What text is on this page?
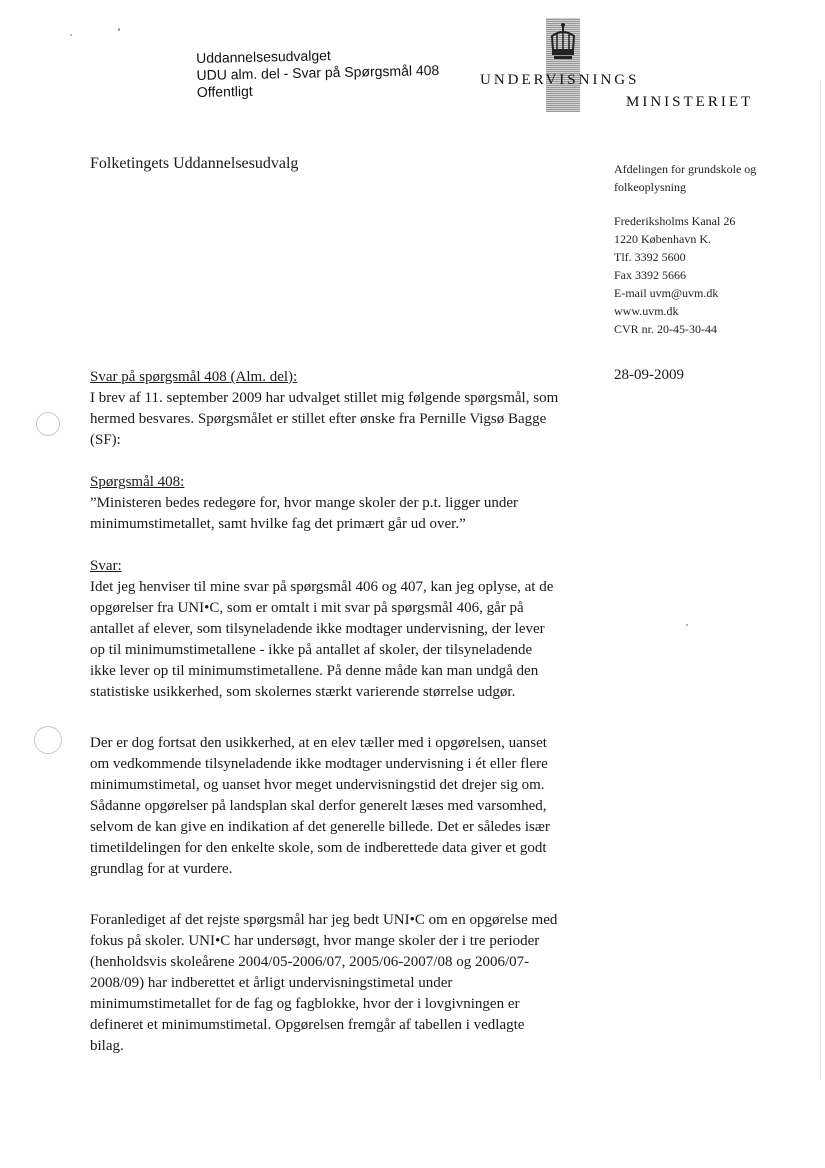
Uddannelsesudvalget
UDU alm. del - Svar på Spørgsmål 408
Offentligt
UNDERVISNINGS
MINISTERIET
Folketingets Uddannelsesudvalg	Afdelingen for grundskole og
folkeoplysning
Frederiksholms Kanal 26
1220 København K.
Tlf. 3392 5600
Fax 3392 5666
E-mail uvm@uvm.dk
www.uvm.dk
CVR nr. 20-45-30-44
28-09-2009

Svar på spørgsmål 408 (Alm. del):

I brev af 11. september 2009 har udvalget stillet mig følgende spørgsmål, som hermed besvares. Spørgsmålet er stillet efter ønske fra Pernille Vigsø Bagge (SF):

Spørgsmål 408:

”Ministeren bedes redegøre for, hvor mange skoler der p.t. ligger under minimumstimetallet, samt hvilke fag det primært går ud over.”

Svar:

Idet jeg henviser til mine svar på spørgsmål 406 og 407, kan jeg oplyse, at de opgørelser fra UNI•C, som er omtalt i mit svar på spørgsmål 406, går på antallet af elever, som tilsyneladende ikke modtager undervisning, der lever op til minimumstimetallene - ikke på antallet af skoler, der tilsyneladende ikke lever op til minimumstimetallene. På denne måde kan man undgå den statistiske usikkerhed, som skolernes stærkt varierende størrelse udgør.

Der er dog fortsat den usikkerhed, at en elev tæller med i opgørelsen, uanset om vedkommende tilsyneladende ikke modtager undervisning i ét eller flere minimumstimetal, og uanset hvor meget undervisningstid det drejer sig om. Sådanne opgørelser på landsplan skal derfor generelt læses med varsomhed, selvom de kan give en indikation af det generelle billede. Det er således især timetildelingen for den enkelte skole, som de indberettede data giver et godt grundlag for at vurdere.

Foranlediget af det rejste spørgsmål har jeg bedt UNI•C om en opgørelse med fokus på skoler. UNI•C har undersøgt, hvor mange skoler der i tre perioder (henholdsvis skoleårene 2004/05-2006/07, 2005/06-2007/08 og 2006/07-2008/09) har indberettet et årligt undervisningstimetal under minimumstimetallet for de fag og fagblokke, hvor der i lovgivningen er defineret et minimumstimetal. Opgørelsen fremgår af tabellen i vedlagte bilag.
